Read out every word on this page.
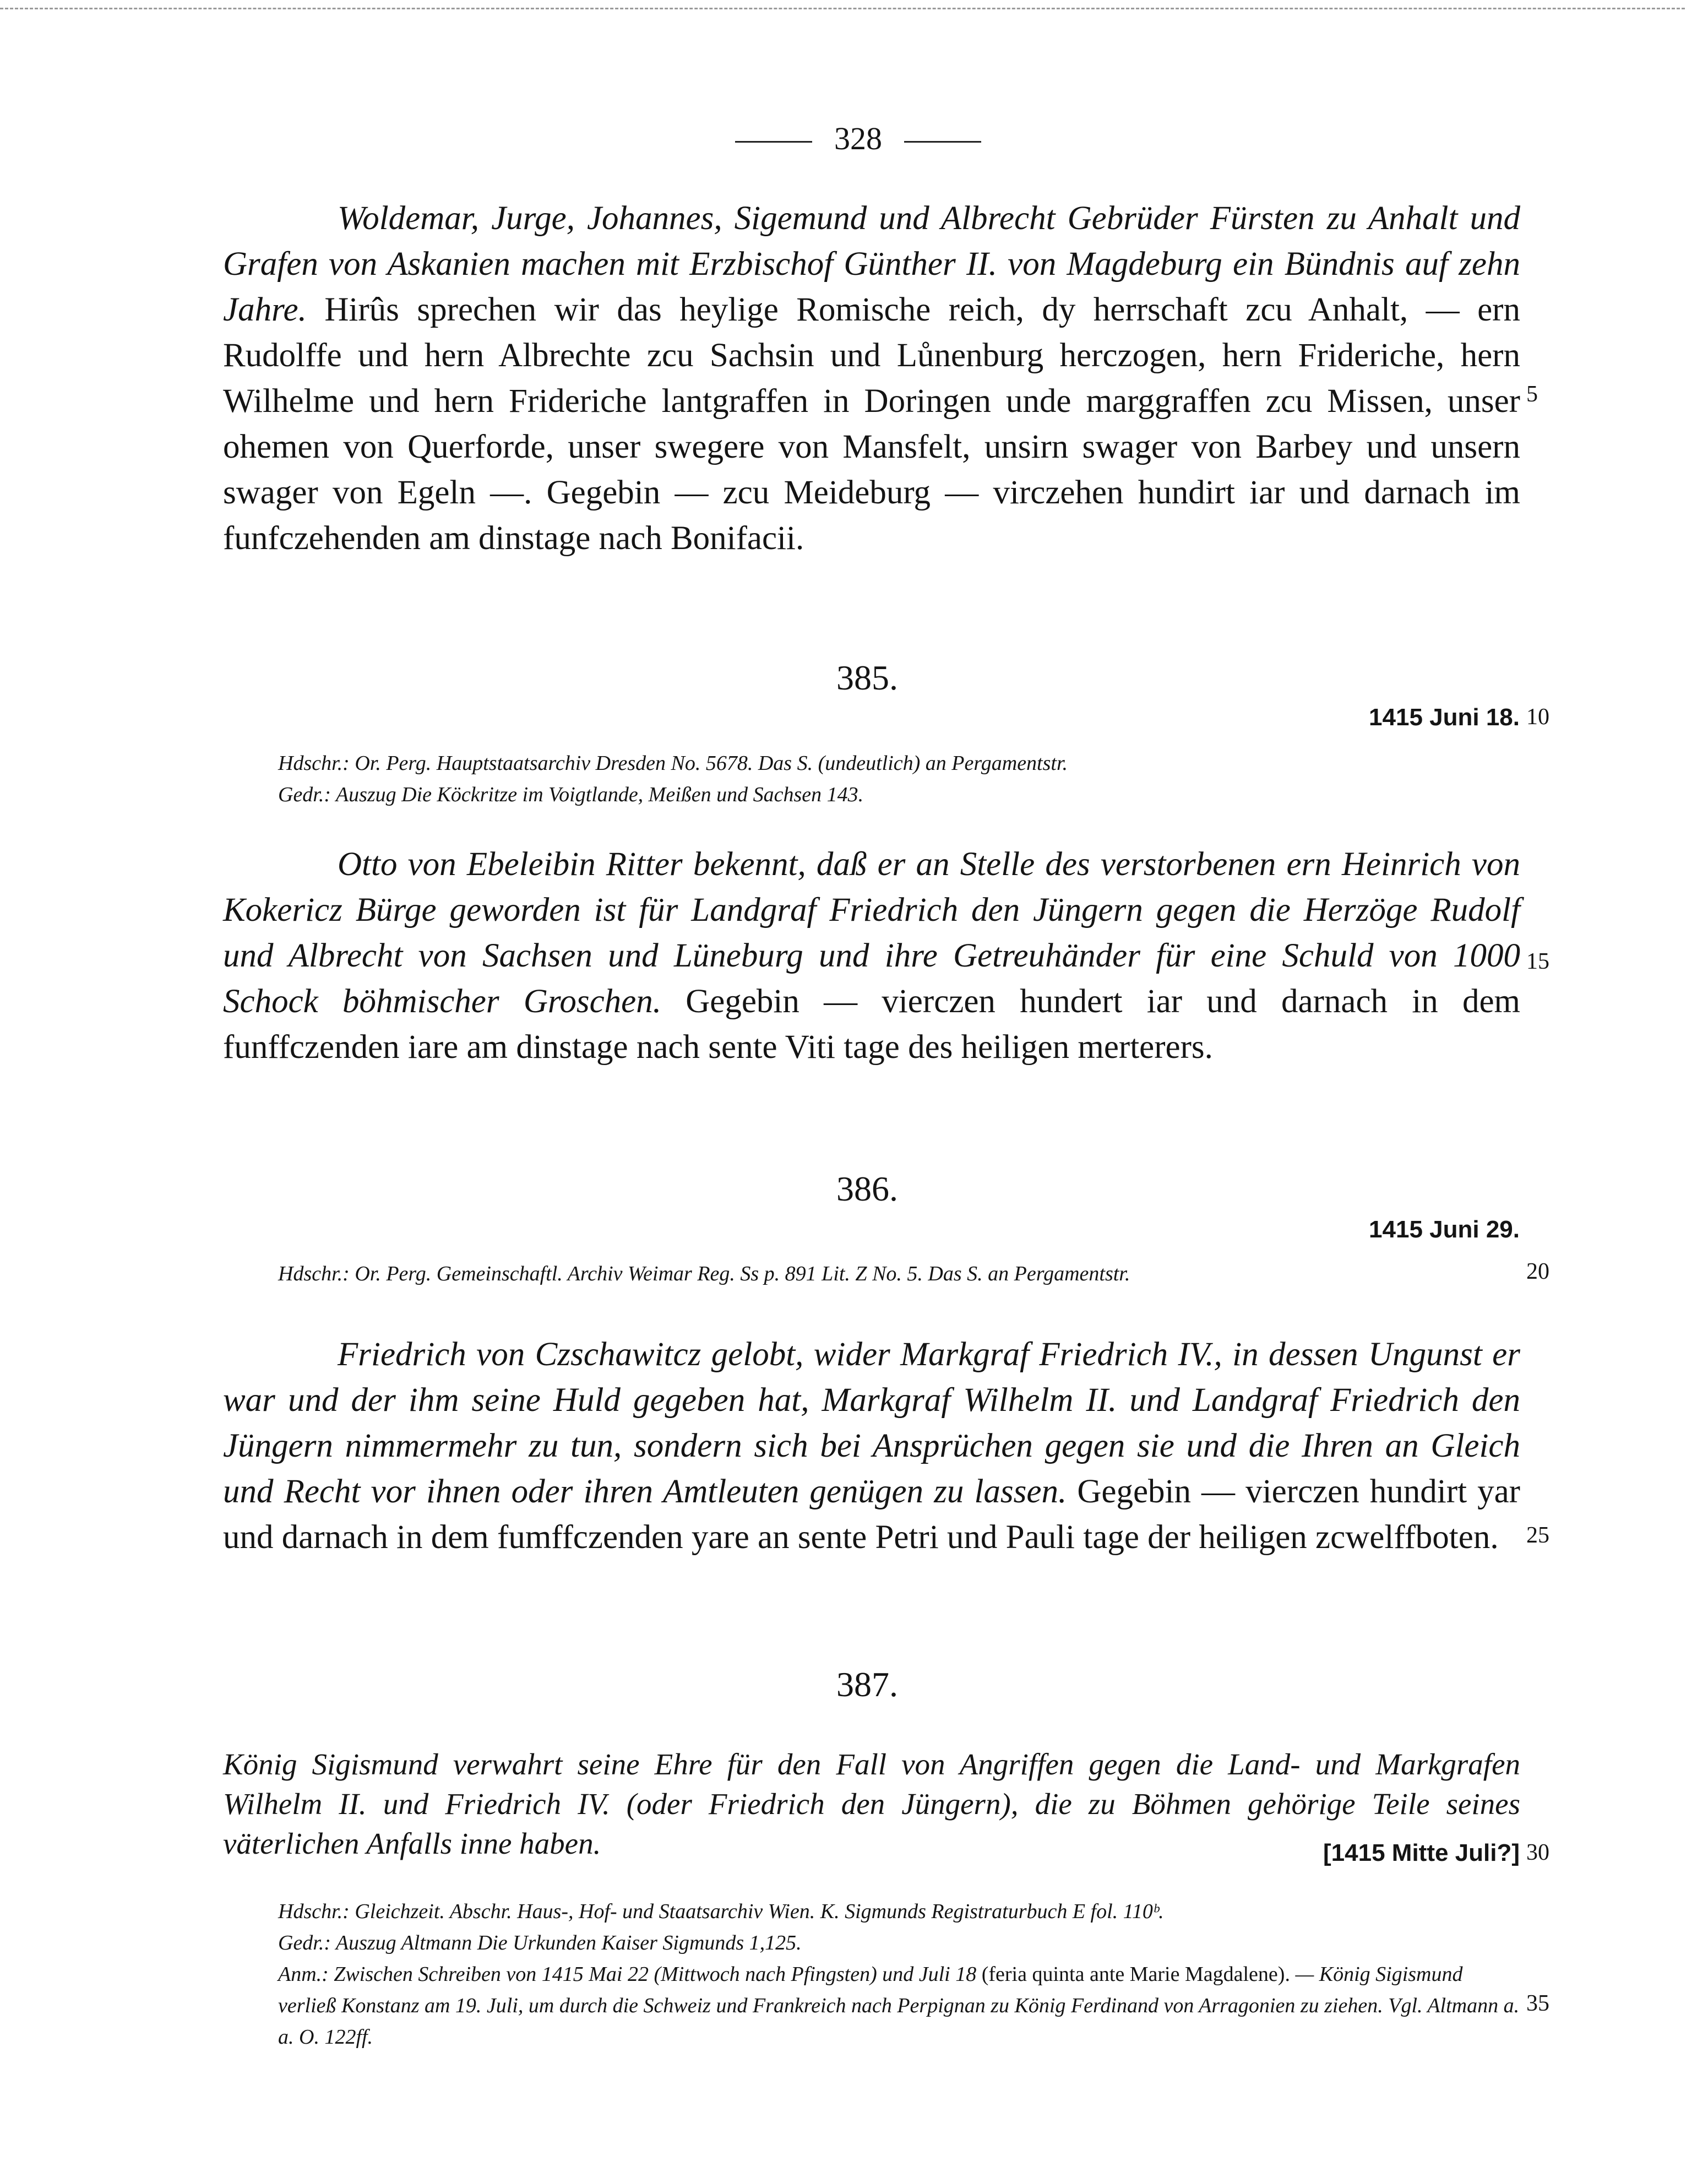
328

Woldemar, Jurge, Johannes, Sigemund und Albrecht Gebrüder Fürsten zu Anhalt und Grafen von Askanien machen mit Erzbischof Günther II. von Magdeburg ein Bündnis auf zehn Jahre. Hirûs sprechen wir das heylige Romische reich, dy herrschaft zcu Anhalt, — ern Rudolffe und hern Albrechte zcu Sachsin und Lůnenburg herczogen, hern Frideriche, hern Wilhelme und hern Frideriche lantgraffen in Doringen unde marggraffen zcu Missen, unser ohemen von Querforde, unser swegere von Mansfelt, unsirn swager von Barbey und unsern swager von Egeln —. Gegebin — zcu Meideburg — virczehen hundirt iar und darnach im funfczehenden am dinstage nach Bonifacii.

5
385.
1415 Juni 18. 10

Hdschr.: Or. Perg. Hauptstaatsarchiv Dresden No. 5678. Das S. (undeutlich) an Pergamentstr.

Gedr.: Auszug Die Köckritze im Voigtlande, Meißen und Sachsen 143.

Otto von Ebeleibin Ritter bekennt, daß er an Stelle des verstorbenen ern Heinrich von Kokericz Bürge geworden ist für Landgraf Friedrich den Jüngern gegen die Herzöge Rudolf und Albrecht von Sachsen und Lüneburg und ihre Getreuhänder für eine Schuld von 1000 Schock böhmischer Groschen. Gegebin — vierczen hundert iar und darnach in dem funffczenden iare am dinstage nach sente Viti tage des heiligen merterers.

15
386.
1415 Juni 29.

Hdschr.: Or. Perg. Gemeinschaftl. Archiv Weimar Reg. Ss p. 891 Lit. Z No. 5. Das S. an Pergamentstr.	20

Friedrich von Czschawitcz gelobt, wider Markgraf Friedrich IV., in dessen Ungunst er war und der ihm seine Huld gegeben hat, Markgraf Wilhelm II. und Landgraf Friedrich den Jüngern nimmermehr zu tun, sondern sich bei Ansprüchen gegen sie und die Ihren an Gleich und Recht vor ihnen oder ihren Amtleuten genügen zu lassen. Gegebin — vierczen hundirt yar und darnach in dem fumffczenden yare an sente Petri und Pauli tage der heiligen zcwelffboten.	25
387.

König Sigismund verwahrt seine Ehre für den Fall von Angriffen gegen die Land- und Markgrafen Wilhelm II. und Friedrich IV. (oder Friedrich den Jüngern), die zu Böhmen gehörige Teile seines väterlichen Anfalls inne haben.	[1415 Mitte Juli?] 30

Hdschr.: Gleichzeit. Abschr. Haus-, Hof- und Staatsarchiv Wien. K. Sigmunds Registraturbuch E fol. 110ᵇ.

Gedr.: Auszug Altmann Die Urkunden Kaiser Sigmunds 1,125.

Anm.: Zwischen Schreiben von 1415 Mai 22 (Mittwoch nach Pfingsten) und Juli 18 (feria quinta ante Marie Magdalene). — König Sigismund verließ Konstanz am 19. Juli, um durch die Schweiz und Frankreich nach Perpignan zu König Ferdinand von Arragonien zu ziehen. Vgl. Altmann a. a. O. 122ff.

35
